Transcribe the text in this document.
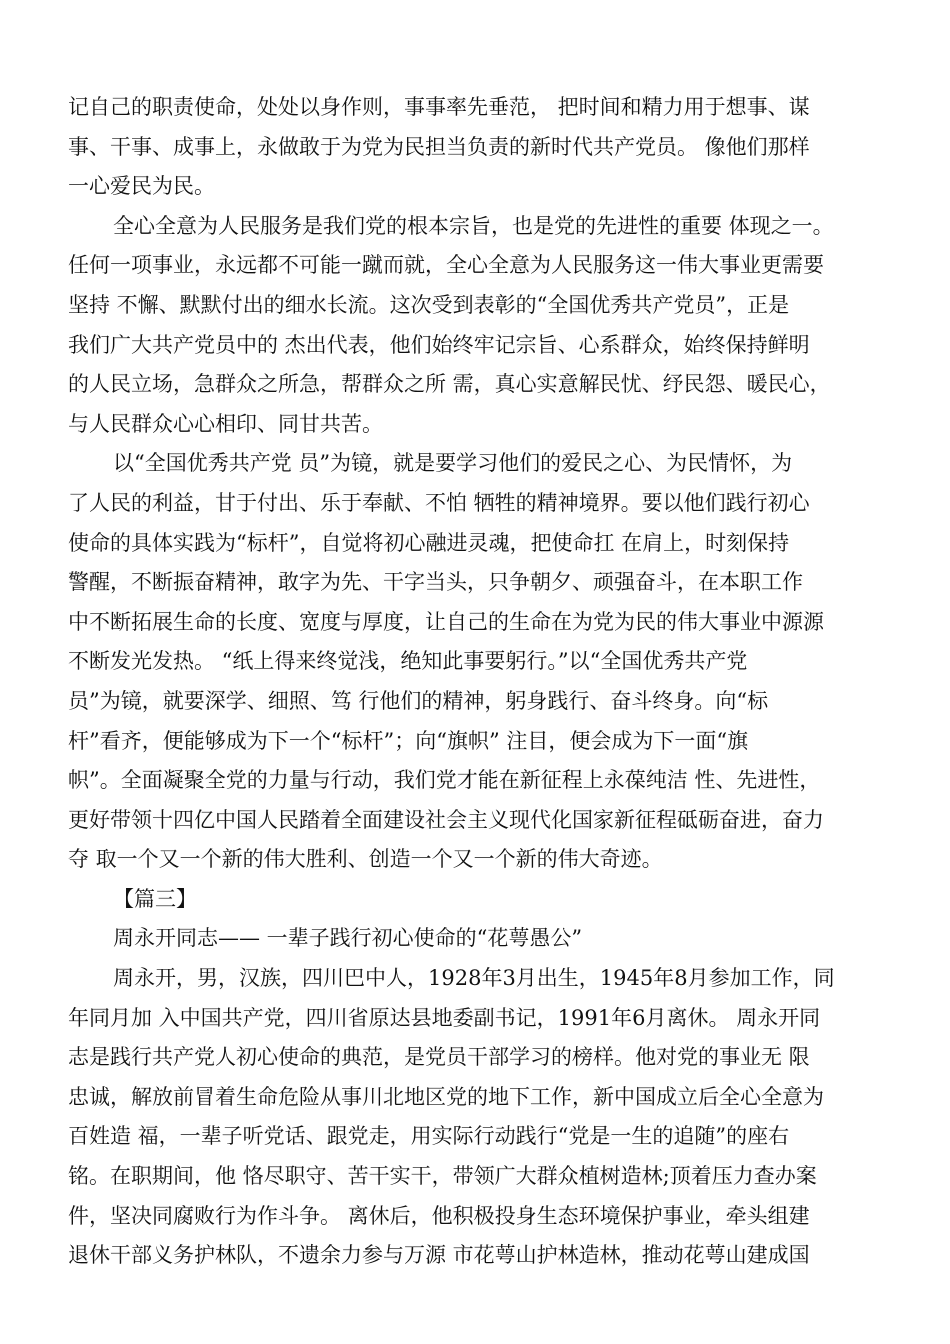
记自己的职责使命，处处以身作则，事事率先垂范， 把时间和精力用于想事、谋
事、干事、成事上，永做敢于为党为民担当负责的新时代共产党员。 像他们那样
一心爱民为民。
全心全意为人民服务是我们党的根本宗旨，也是党的先进性的重要 体现之一。
任何一项事业，永远都不可能一蹴而就，全心全意为人民服务这一伟大事业更需要
坚持 不懈、默默付出的细水长流。这次受到表彰的“全国优秀共产党员”，正是
我们广大共产党员中的 杰出代表，他们始终牢记宗旨、心系群众，始终保持鲜明
的人民立场，急群众之所急，帮群众之所 需，真心实意解民忧、纾民怨、暖民心，
与人民群众心心相印、同甘共苦。
以“全国优秀共产党 员”为镜，就是要学习他们的爱民之心、为民情怀，为
了人民的利益，甘于付出、乐于奉献、不怕 牺牲的精神境界。要以他们践行初心
使命的具体实践为“标杆”，自觉将初心融进灵魂，把使命扛 在肩上，时刻保持
警醒，不断振奋精神，敢字为先、干字当头，只争朝夕、顽强奋斗，在本职工作
中不断拓展生命的长度、宽度与厚度，让自己的生命在为党为民的伟大事业中源源
不断发光发热。 “纸上得来终觉浅，绝知此事要躬行。”以“全国优秀共产党
员”为镜，就要深学、细照、笃 行他们的精神，躬身践行、奋斗终身。向“标
杆”看齐，便能够成为下一个“标杆”；向“旗帜” 注目，便会成为下一面“旗
帜”。全面凝聚全党的力量与行动，我们党才能在新征程上永葆纯洁 性、先进性，
更好带领十四亿中国人民踏着全面建设社会主义现代化国家新征程砥砺奋进，奋力
夺 取一个又一个新的伟大胜利、创造一个又一个新的伟大奇迹。
【篇三】
周永开同志—— 一辈子践行初心使命的“花萼愚公”
周永开，男，汉族，四川巴中人，1928年3月出生，1945年8月参加工作，同
年同月加 入中国共产党，四川省原达县地委副书记，1991年6月离休。 周永开同
志是践行共产党人初心使命的典范，是党员干部学习的榜样。他对党的事业无 限
忠诚，解放前冒着生命危险从事川北地区党的地下工作，新中国成立后全心全意为
百姓造 福，一辈子听党话、跟党走，用实际行动践行“党是一生的追随”的座右
铭。在职期间，他 恪尽职守、苦干实干，带领广大群众植树造林;顶着压力查办案
件，坚决同腐败行为作斗争。 离休后，他积极投身生态环境保护事业，牵头组建
退休干部义务护林队，不遗余力参与万源 市花萼山护林造林，推动花萼山建成国
